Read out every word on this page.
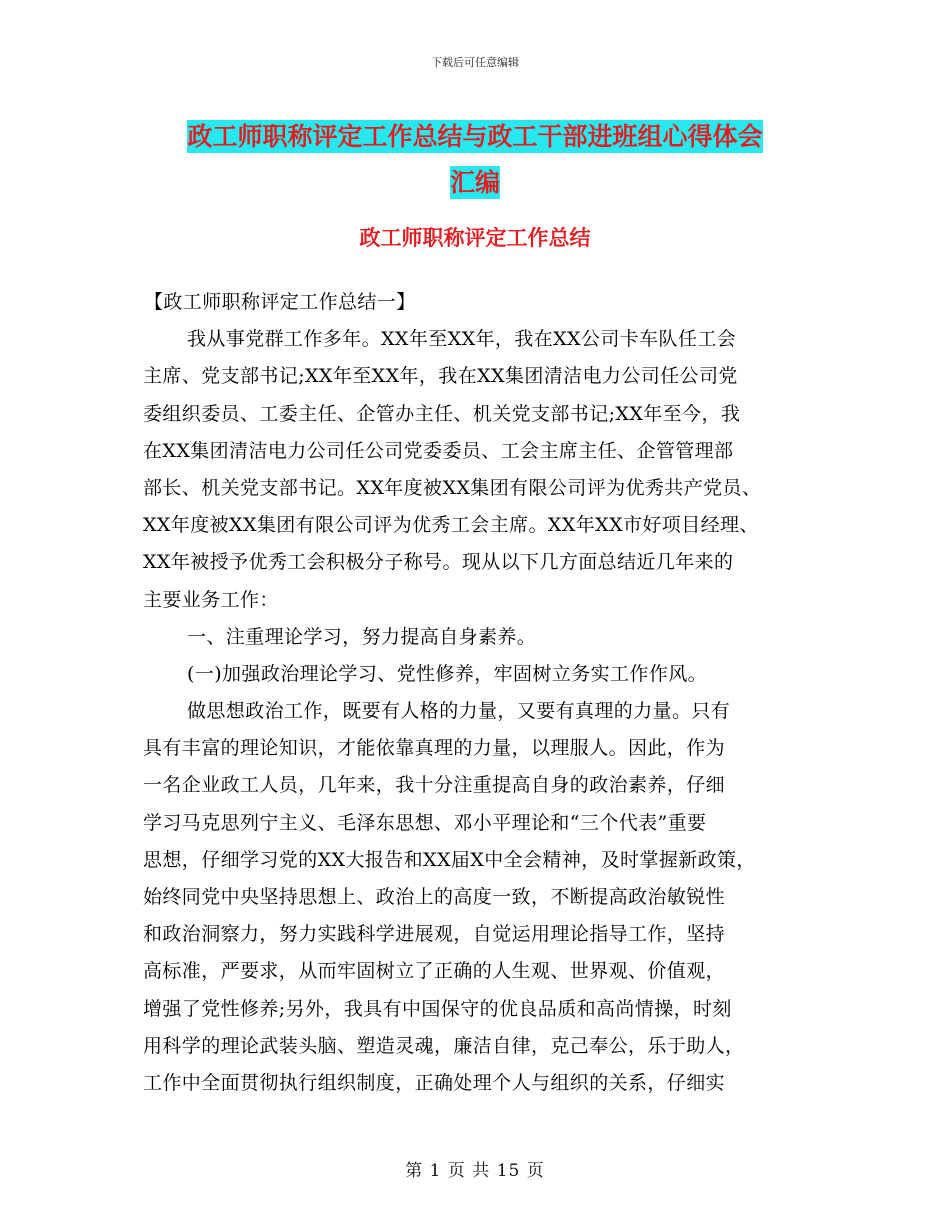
下载后可任意编辑
政工师职称评定工作总结与政工干部进班组心得体会
汇编
政工师职称评定工作总结
【政工师职称评定工作总结一】
我从事党群工作多年。XX年至XX年，我在XX公司卡车队任工会
主席、党支部书记;XX年至XX年，我在XX集团清洁电力公司任公司党
委组织委员、工委主任、企管办主任、机关党支部书记;XX年至今，我
在XX集团清洁电力公司任公司党委委员、工会主席主任、企管管理部
部长、机关党支部书记。XX年度被XX集团有限公司评为优秀共产党员、
XX年度被XX集团有限公司评为优秀工会主席。XX年XX市好项目经理、
XX年被授予优秀工会积极分子称号。现从以下几方面总结近几年来的
主要业务工作：
一、注重理论学习，努力提高自身素养。
(一)加强政治理论学习、党性修养，牢固树立务实工作作风。
做思想政治工作，既要有人格的力量，又要有真理的力量。只有
具有丰富的理论知识，才能依靠真理的力量，以理服人。因此，作为
一名企业政工人员，几年来，我十分注重提高自身的政治素养，仔细
学习马克思列宁主义、毛泽东思想、邓小平理论和“三个代表”重要
思想，仔细学习党的XX大报告和XX届X中全会精神，及时掌握新政策，
始终同党中央坚持思想上、政治上的高度一致，不断提高政治敏锐性
和政治洞察力，努力实践科学进展观，自觉运用理论指导工作，坚持
高标准，严要求，从而牢固树立了正确的人生观、世界观、价值观，
增强了党性修养;另外，我具有中国保守的优良品质和高尚情操，时刻
用科学的理论武装头脑、塑造灵魂，廉洁自律，克己奉公，乐于助人，
工作中全面贯彻执行组织制度，正确处理个人与组织的关系，仔细实
第 1 页 共 15 页
